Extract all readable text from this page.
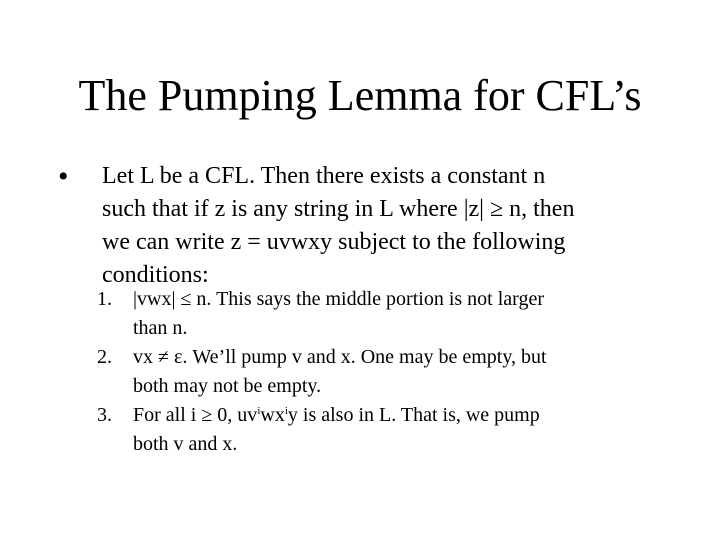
The Pumping Lemma for CFL’s
• Let L be a CFL. Then there exists a constant n
such that if z is any string in L where |z| ≥ n, then
we can write z = uvwxy subject to the following
conditions:
1. |vwx| ≤ n. This says the middle portion is not larger
than n.
2. vx ≠ ε. We’ll pump v and x. One may be empty, but
both may not be empty.
3. For all i ≥ 0, $uv^iwx^iy$ is also in L. That is, we pump
both v and x.
